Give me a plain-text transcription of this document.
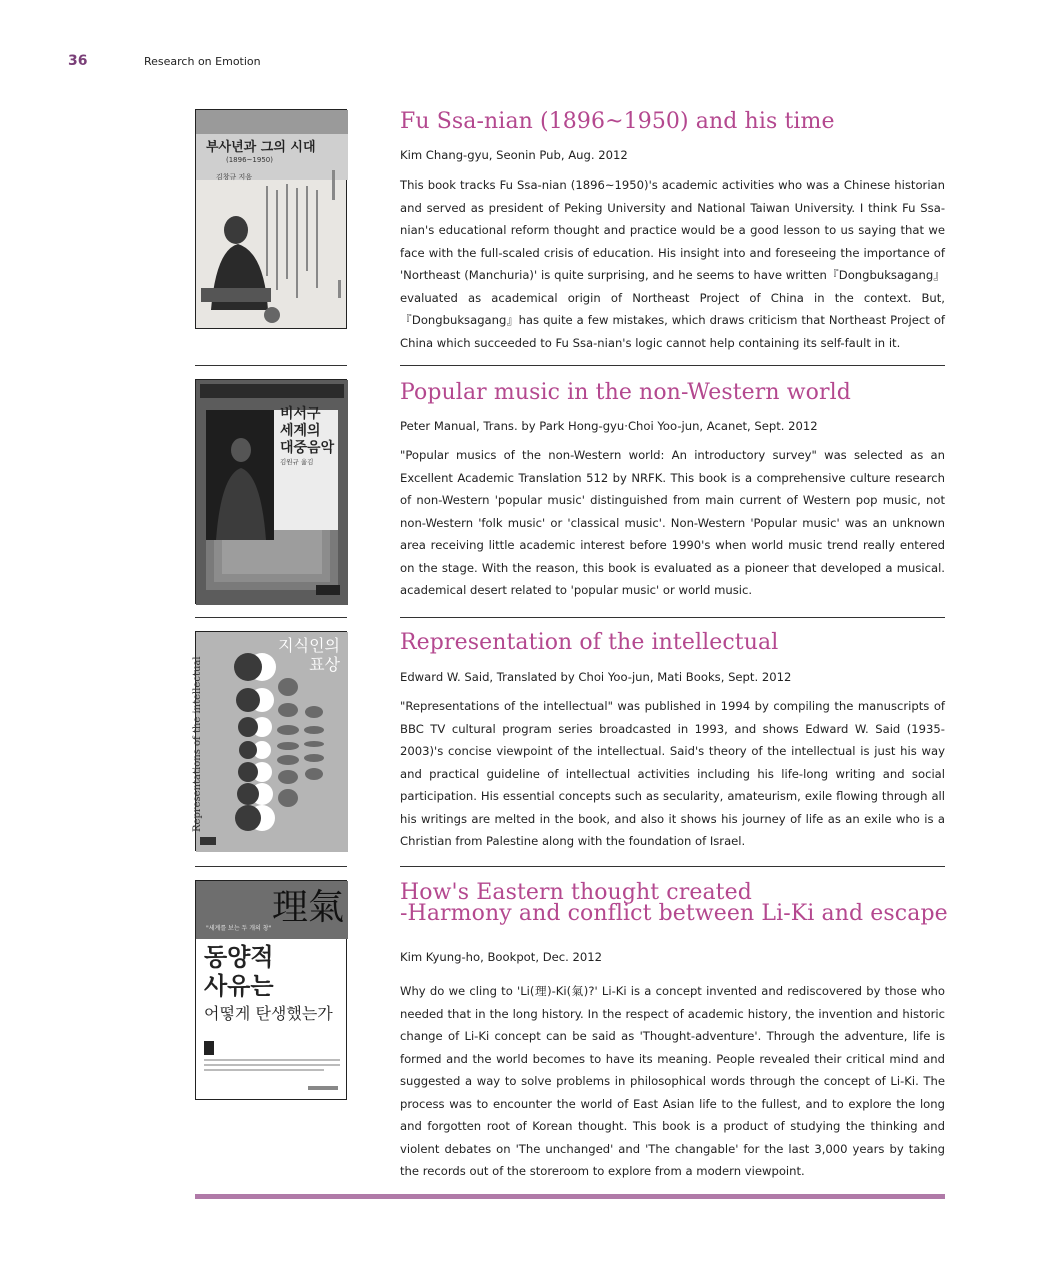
36	Research on Emotion
부사년과 그의 시대
(1896~1950)
김창규 지음
Fu Ssa-nian (1896~1950) and his time
Kim Chang-gyu, Seonin Pub, Aug. 2012

This book tracks Fu Ssa-nian (1896~1950)'s academic activities who was a Chinese historian and served as president of Peking University and National Taiwan University. I think Fu Ssa-nian's educational reform thought and practice would be a good lesson to us saying that we face with the full-scaled crisis of education. His insight into and foreseeing the importance of 'Northeast (Manchuria)' is quite surprising, and he seems to have written『Dongbuksagang』evaluated as academical origin of Northeast Project of China in the context. But,『Dongbuksagang』has quite a few mistakes, which draws criticism that Northeast Project of China which succeeded to Fu Ssa-nian's logic cannot help containing its self-fault in it.

비서구
세계의
대중음악
김원규 옮김
Popular music in the non-Western world
Peter Manual, Trans. by Park Hong-gyu·Choi Yoo-jun, Acanet, Sept. 2012

"Popular musics of the non-Western world: An introductory survey" was selected as an Excellent Academic Translation 512 by NRFK. This book is a comprehensive culture research of non-Western 'popular music' distinguished from main current of Western pop music, not non-Western 'folk music' or 'classical music'. Non-Western 'Popular music' was an unknown area receiving little academic interest before 1990's when world music trend really entered on the stage. With the reason, this book is evaluated as a pioneer that developed a musical. academical desert related to 'popular music' or world music.

지식인의
표상
Representations of the intellectual
Representation of the intellectual
Edward W. Said, Translated by Choi Yoo-jun, Mati Books, Sept. 2012

"Representations of the intellectual" was published in 1994 by compiling the manuscripts of BBC TV cultural program series broadcasted in 1993, and shows Edward W. Said (1935-2003)'s concise viewpoint of the intellectual. Said's theory of the intellectual is just his way and practical guideline of intellectual activities including his life-long writing and social participation. His essential concepts such as secularity, amateurism, exile flowing through all his writings are melted in the book, and also it shows his journey of life as an exile who is a Christian from Palestine along with the foundation of Israel.

理氣
"세계를 보는 두 개의 창"
동양적
사유는
어떻게 탄생했는가
How's Eastern thought created
-Harmony and conflict between Li-Ki and escape
Kim Kyung-ho, Bookpot, Dec. 2012

Why do we cling to 'Li(理)-Ki(氣)?' Li-Ki is a concept invented and rediscovered by those who needed that in the long history. In the respect of academic history, the invention and historic change of Li-Ki concept can be said as 'Thought-adventure'. Through the adventure, life is formed and the world becomes to have its meaning. People revealed their critical mind and suggested a way to solve problems in philosophical words through the concept of Li-Ki. The process was to encounter the world of East Asian life to the fullest, and to explore the long and forgotten root of Korean thought. This book is a product of studying the thinking and violent debates on 'The unchanged' and 'The changable' for the last 3,000 years by taking the records out of the storeroom to explore from a modern viewpoint.
